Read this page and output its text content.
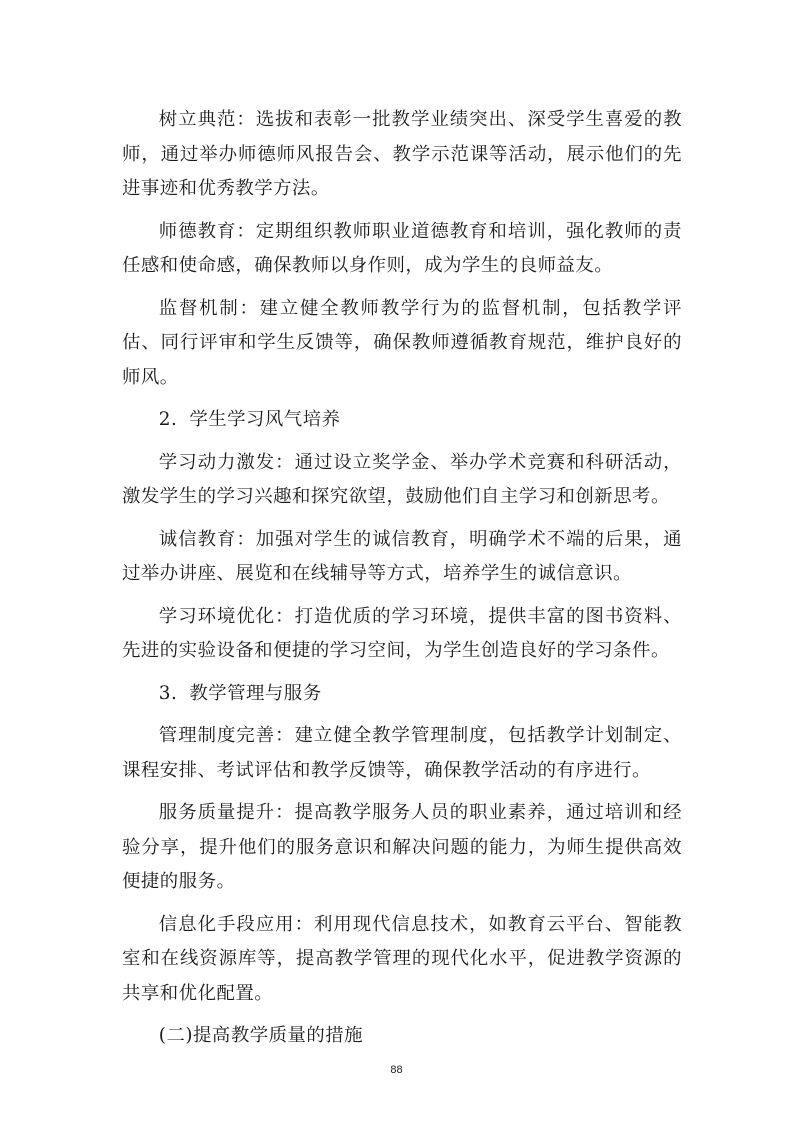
树立典范：选拔和表彰一批教学业绩突出、深受学生喜爱的教师，通过举办师德师风报告会、教学示范课等活动，展示他们的先进事迹和优秀教学方法。

师德教育：定期组织教师职业道德教育和培训，强化教师的责任感和使命感，确保教师以身作则，成为学生的良师益友。

监督机制：建立健全教师教学行为的监督机制，包括教学评估、同行评审和学生反馈等，确保教师遵循教育规范，维护良好的师风。

2. 学生学习风气培养

学习动力激发：通过设立奖学金、举办学术竞赛和科研活动，激发学生的学习兴趣和探究欲望，鼓励他们自主学习和创新思考。

诚信教育：加强对学生的诚信教育，明确学术不端的后果，通过举办讲座、展览和在线辅导等方式，培养学生的诚信意识。

学习环境优化：打造优质的学习环境，提供丰富的图书资料、先进的实验设备和便捷的学习空间，为学生创造良好的学习条件。

3. 教学管理与服务

管理制度完善：建立健全教学管理制度，包括教学计划制定、课程安排、考试评估和教学反馈等，确保教学活动的有序进行。

服务质量提升：提高教学服务人员的职业素养，通过培训和经验分享，提升他们的服务意识和解决问题的能力，为师生提供高效便捷的服务。

信息化手段应用：利用现代信息技术，如教育云平台、智能教室和在线资源库等，提高教学管理的现代化水平，促进教学资源的共享和优化配置。

(二)提高教学质量的措施

88
